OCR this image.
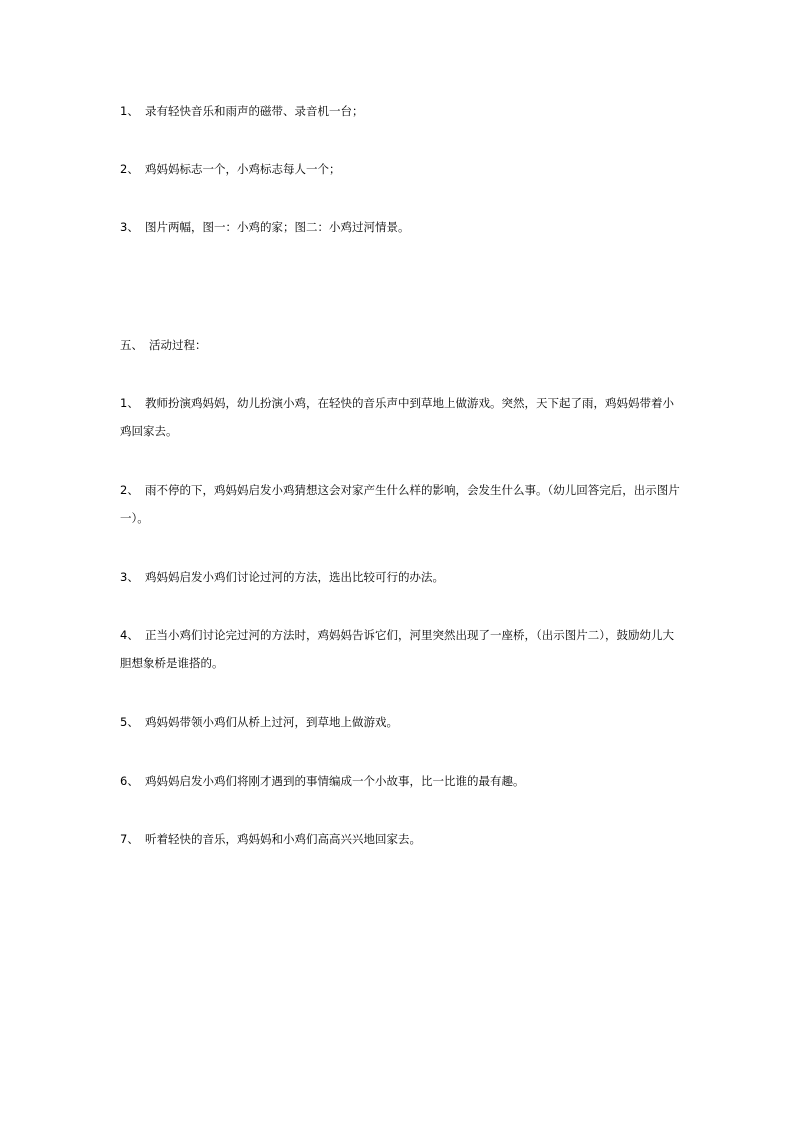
1、 录有轻快音乐和雨声的磁带、录音机一台；
2、 鸡妈妈标志一个，小鸡标志每人一个；
3、 图片两幅，图一：小鸡的家；图二：小鸡过河情景。
五、 活动过程：
1、 教师扮演鸡妈妈，幼儿扮演小鸡，在轻快的音乐声中到草地上做游戏。突然，天下起了雨，鸡妈妈带着小鸡回家去。
2、 雨不停的下，鸡妈妈启发小鸡猜想这会对家产生什么样的影响，会发生什么事。（幼儿回答完后，出示图片一）。
3、 鸡妈妈启发小鸡们讨论过河的方法，选出比较可行的办法。
4、 正当小鸡们讨论完过河的方法时，鸡妈妈告诉它们，河里突然出现了一座桥，（出示图片二），鼓励幼儿大胆想象桥是谁搭的。
5、 鸡妈妈带领小鸡们从桥上过河，到草地上做游戏。
6、 鸡妈妈启发小鸡们将刚才遇到的事情编成一个小故事，比一比谁的最有趣。
7、 听着轻快的音乐，鸡妈妈和小鸡们高高兴兴地回家去。
